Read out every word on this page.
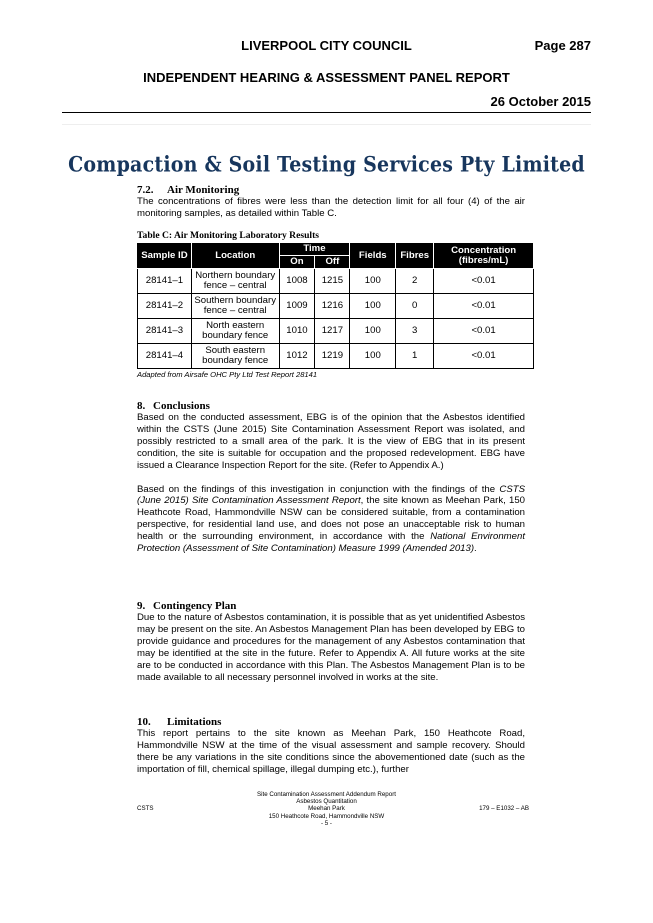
LIVERPOOL CITY COUNCIL	Page 287
INDEPENDENT HEARING & ASSESSMENT PANEL REPORT
26 October 2015
Compaction & Soil Testing Services Pty Limited
7.2. Air Monitoring

The concentrations of fibres were less than the detection limit for all four (4) of the air monitoring samples, as detailed within Table C.

Table C: Air Monitoring Laboratory Results
Sample ID	Location	Time		Fields	Fibres	Concentration (fibres/mL)
		On	Off			
28141–1	Northern boundary fence – central	1008	1215	100	2	<0.01
28141–2	Southern boundary fence – central	1009	1216	100	0	<0.01
28141–3	North eastern boundary fence	1010	1217	100	3	<0.01
28141–4	South eastern boundary fence	1012	1219	100	1	<0.01
Adapted from Airsafe OHC Pty Ltd Test Report 28141
8. Conclusions

Based on the conducted assessment, EBG is of the opinion that the Asbestos identified within the CSTS (June 2015) Site Contamination Assessment Report was isolated, and possibly restricted to a small area of the park. It is the view of EBG that in its present condition, the site is suitable for occupation and the proposed redevelopment. EBG have issued a Clearance Inspection Report for the site. (Refer to Appendix A.)

Based on the findings of this investigation in conjunction with the findings of the CSTS (June 2015) Site Contamination Assessment Report, the site known as Meehan Park, 150 Heathcote Road, Hammondville NSW can be considered suitable, from a contamination perspective, for residential land use, and does not pose an unacceptable risk to human health or the surrounding environment, in accordance with the National Environment Protection (Assessment of Site Contamination) Measure 1999 (Amended 2013).

9. Contingency Plan

Due to the nature of Asbestos contamination, it is possible that as yet unidentified Asbestos may be present on the site. An Asbestos Management Plan has been developed by EBG to provide guidance and procedures for the management of any Asbestos contamination that may be identified at the site in the future. Refer to Appendix A. All future works at the site are to be conducted in accordance with this Plan. The Asbestos Management Plan is to be made available to all necessary personnel involved in works at the site.

10. Limitations

This report pertains to the site known as Meehan Park, 150 Heathcote Road, Hammondville NSW at the time of the visual assessment and sample recovery. Should there be any variations in the site conditions since the abovementioned date (such as the importation of fill, chemical spillage, illegal dumping etc.), further

Site Contamination Assessment Addendum Report
Asbestos Quantitation
Meehan Park
150 Heathcote Road, Hammondville NSW
- 5 -
CSTS	179 – E1032 – AB
